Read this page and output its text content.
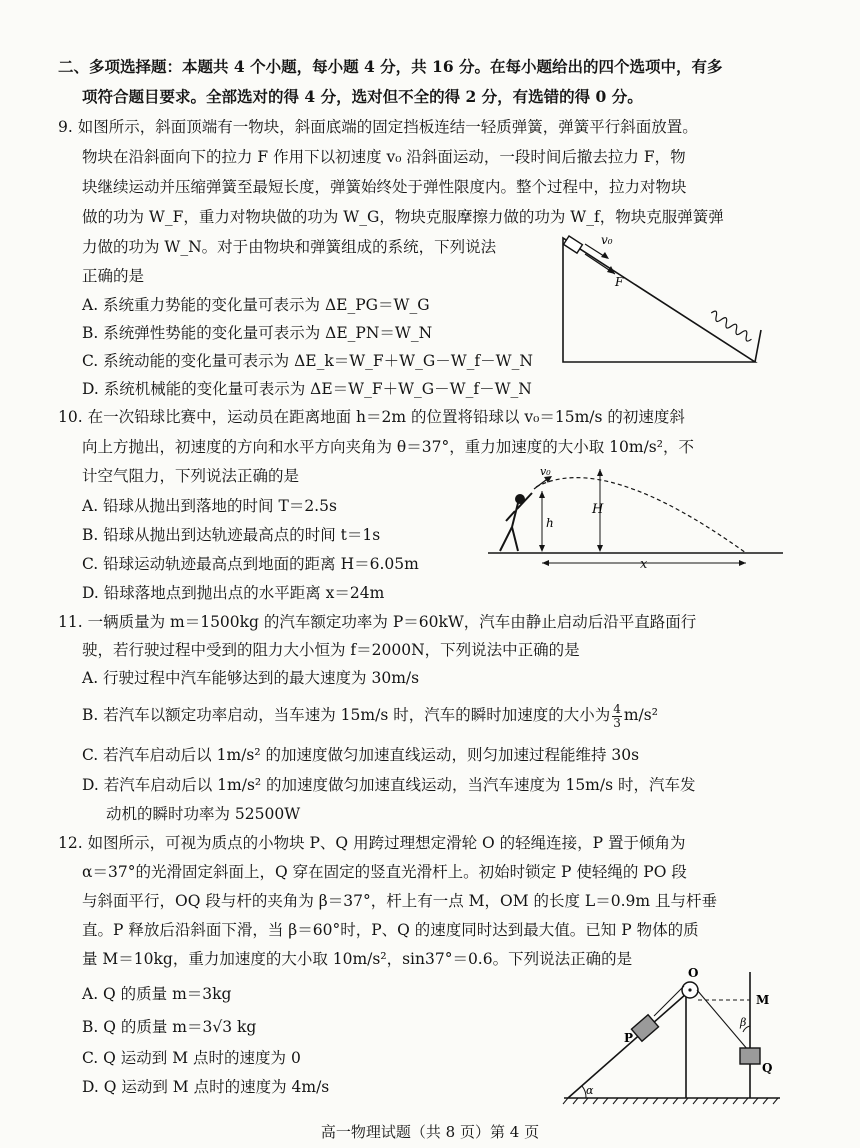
二、多项选择题：本题共 4 个小题，每小题 4 分，共 16 分。在每小题给出的四个选项中，有多
项符合题目要求。全部选对的得 4 分，选对但不全的得 2 分，有选错的得 0 分。
9. 如图所示，斜面顶端有一物块，斜面底端的固定挡板连结一轻质弹簧，弹簧平行斜面放置。
物块在沿斜面向下的拉力 F 作用下以初速度 v₀ 沿斜面运动，一段时间后撤去拉力 F，物
块继续运动并压缩弹簧至最短长度，弹簧始终处于弹性限度内。整个过程中，拉力对物块
做的功为 W_F，重力对物块做的功为 W_G，物块克服摩擦力做的功为 W_f，物块克服弹簧弹
力做的功为 W_N。对于由物块和弹簧组成的系统，下列说法
正确的是
A. 系统重力势能的变化量可表示为 ΔE_PG＝W_G
B. 系统弹性势能的变化量可表示为 ΔE_PN＝W_N
C. 系统动能的变化量可表示为 ΔE_k＝W_F＋W_G－W_f－W_N
D. 系统机械能的变化量可表示为 ΔE＝W_F＋W_G－W_f－W_N
v₀
F
10. 在一次铅球比赛中，运动员在距离地面 h＝2m 的位置将铅球以 v₀＝15m/s 的初速度斜
向上方抛出，初速度的方向和水平方向夹角为 θ＝37°，重力加速度的大小取 10m/s²，不
计空气阻力，下列说法正确的是
A. 铅球从抛出到落地的时间 T＝2.5s
B. 铅球从抛出到达轨迹最高点的时间 t＝1s
C. 铅球运动轨迹最高点到地面的距离 H＝6.05m
D. 铅球落地点到抛出点的水平距离 x＝24m
h
v₀
H
x
11. 一辆质量为 m＝1500kg 的汽车额定功率为 P＝60kW，汽车由静止启动后沿平直路面行
驶，若行驶过程中受到的阻力大小恒为 f＝2000N，下列说法中正确的是
A. 行驶过程中汽车能够达到的最大速度为 30m/s
B. 若汽车以额定功率启动，当车速为 15m/s 时，汽车的瞬时加速度的大小为 $\frac{4}{3} m/s^2$
C. 若汽车启动后以 1m/s² 的加速度做匀加速直线运动，则匀加速过程能维持 30s
D. 若汽车启动后以 1m/s² 的加速度做匀加速直线运动，当汽车速度为 15m/s 时，汽车发
动机的瞬时功率为 52500W
12. 如图所示，可视为质点的小物块 P、Q 用跨过理想定滑轮 O 的轻绳连接，P 置于倾角为
α＝37°的光滑固定斜面上，Q 穿在固定的竖直光滑杆上。初始时锁定 P 使轻绳的 PO 段
与斜面平行，OQ 段与杆的夹角为 β＝37°，杆上有一点 M，OM 的长度 L＝0.9m 且与杆垂
直。P 释放后沿斜面下滑，当 β＝60°时，P、Q 的速度同时达到最大值。已知 P 物体的质
量 M＝10kg，重力加速度的大小取 10m/s²，sin37°＝0.6。下列说法正确的是
A. Q 的质量 m＝3kg
B. Q 的质量 m＝3√3 kg
C. Q 运动到 M 点时的速度为 0
D. Q 运动到 M 点时的速度为 4m/s	α
O
P
M
β
Q
高一物理试题（共 8 页）第 4 页
